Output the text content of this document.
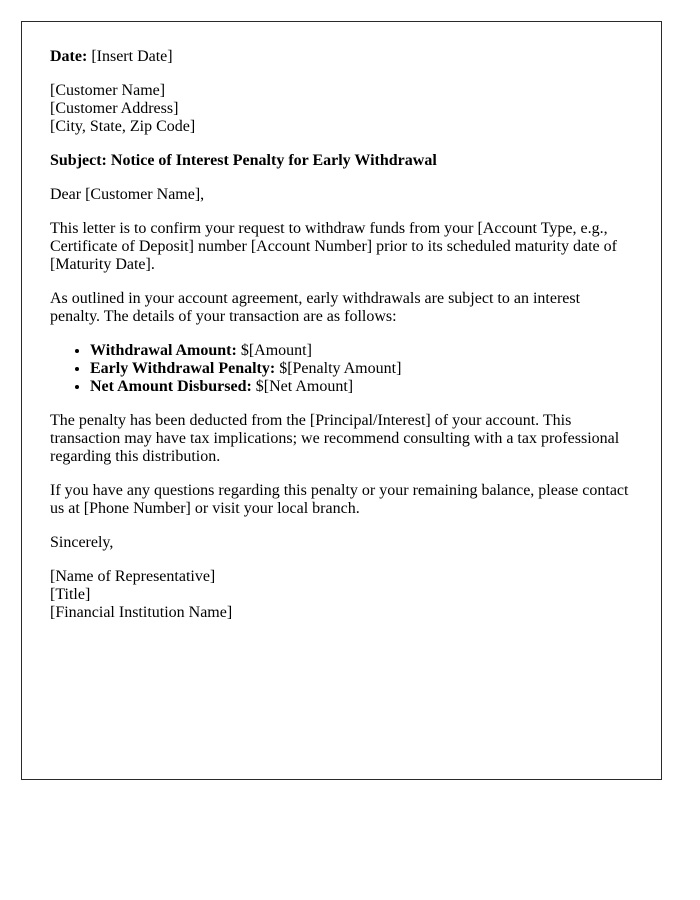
Date: [Insert Date]

[Customer Name]
[Customer Address]
[City, State, Zip Code]

Subject: Notice of Interest Penalty for Early Withdrawal

Dear [Customer Name],

This letter is to confirm your request to withdraw funds from your [Account Type, e.g., Certificate of Deposit] number [Account Number] prior to its scheduled maturity date of [Maturity Date].

As outlined in your account agreement, early withdrawals are subject to an interest penalty. The details of your transaction are as follows:

• Withdrawal Amount: $[Amount]
• Early Withdrawal Penalty: $[Penalty Amount]
• Net Amount Disbursed: $[Net Amount]

The penalty has been deducted from the [Principal/Interest] of your account. This transaction may have tax implications; we recommend consulting with a tax professional regarding this distribution.

If you have any questions regarding this penalty or your remaining balance, please contact us at [Phone Number] or visit your local branch.

Sincerely,

[Name of Representative]
[Title]
[Financial Institution Name]
